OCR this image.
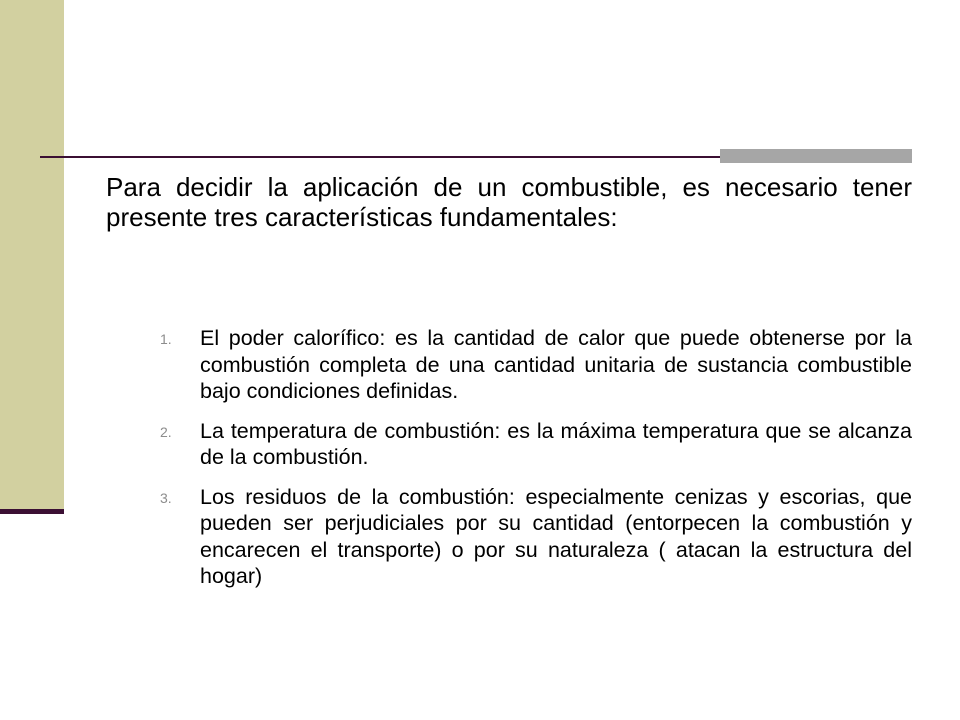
Para decidir la aplicación de un combustible, es necesario tener presente tres características fundamentales:

1.	El poder calorífico: es la cantidad de calor que puede obtenerse por la combustión completa de una cantidad unitaria de sustancia combustible bajo condiciones definidas.
2.	La temperatura de combustión: es la máxima temperatura que se alcanza de la combustión.
3.	Los residuos de la combustión: especialmente cenizas y escorias, que pueden ser perjudiciales por su cantidad (entorpecen la combustión y encarecen el transporte) o por su naturaleza ( atacan la estructura del hogar)
